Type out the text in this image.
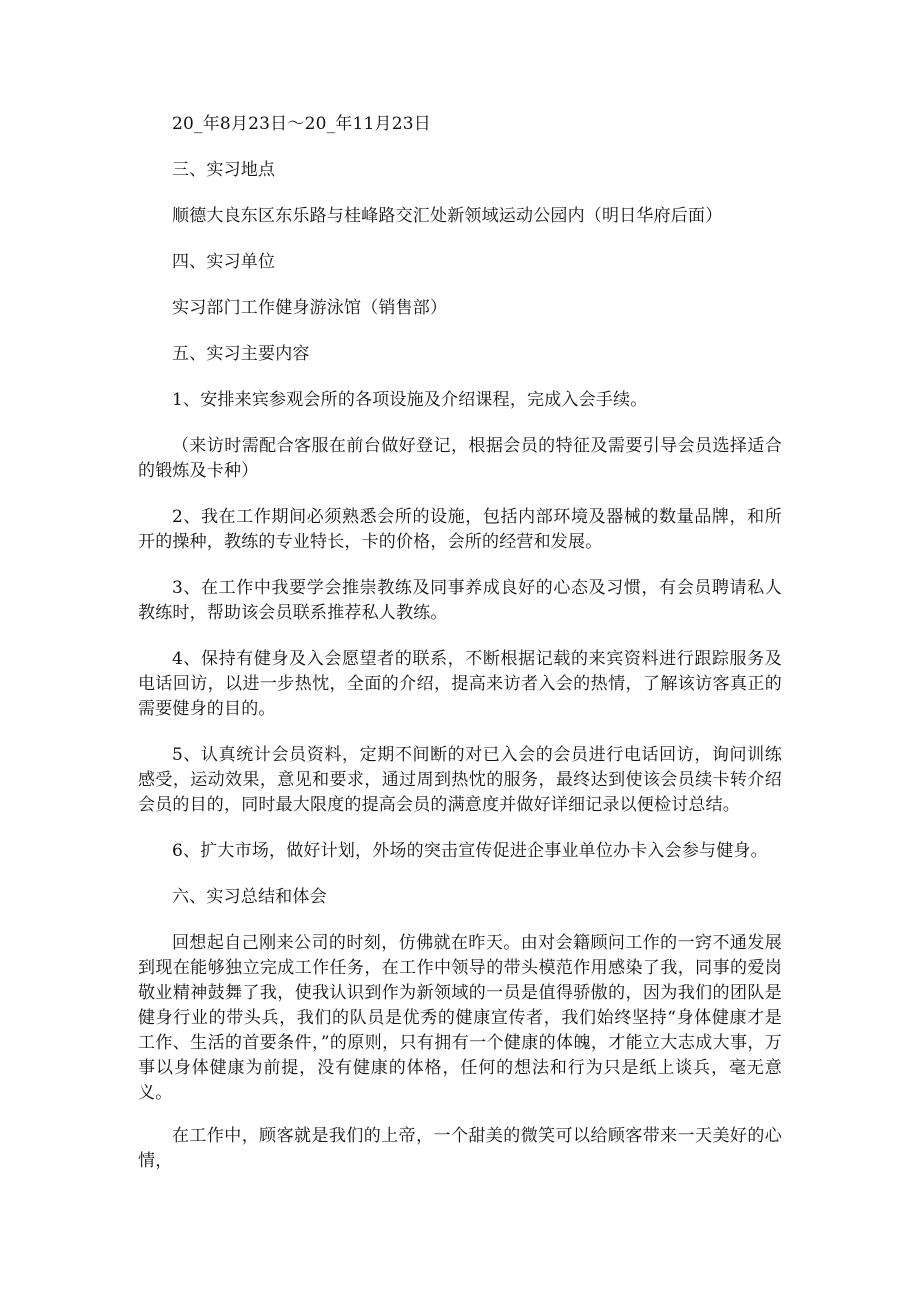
20_年8月23日～20_年11月23日

三、实习地点

顺德大良东区东乐路与桂峰路交汇处新领域运动公园内（明日华府后面）

四、实习单位

实习部门工作健身游泳馆（销售部）

五、实习主要内容

1、安排来宾参观会所的各项设施及介绍课程，完成入会手续。

（来访时需配合客服在前台做好登记，根据会员的特征及需要引导会员选择适合的锻炼及卡种）

2、我在工作期间必须熟悉会所的设施，包括内部环境及器械的数量品牌，和所开的操种，教练的专业特长，卡的价格，会所的经营和发展。

3、在工作中我要学会推崇教练及同事养成良好的心态及习惯，有会员聘请私人教练时，帮助该会员联系推荐私人教练。

4、保持有健身及入会愿望者的联系，不断根据记载的来宾资料进行跟踪服务及电话回访，以进一步热忱，全面的介绍，提高来访者入会的热情，了解该访客真正的需要健身的目的。

5、认真统计会员资料，定期不间断的对已入会的会员进行电话回访，询问训练感受，运动效果，意见和要求，通过周到热忱的服务，最终达到使该会员续卡转介绍会员的目的，同时最大限度的提高会员的满意度并做好详细记录以便检讨总结。

6、扩大市场，做好计划，外场的突击宣传促进企事业单位办卡入会参与健身。

六、实习总结和体会

回想起自己刚来公司的时刻，仿佛就在昨天。由对会籍顾问工作的一窍不通发展到现在能够独立完成工作任务，在工作中领导的带头模范作用感染了我，同事的爱岗敬业精神鼓舞了我，使我认识到作为新领域的一员是值得骄傲的，因为我们的团队是健身行业的带头兵，我们的队员是优秀的健康宣传者，我们始终坚持“身体健康才是工作、生活的首要条件，”的原则，只有拥有一个健康的体魄，才能立大志成大事，万事以身体健康为前提，没有健康的体格，任何的想法和行为只是纸上谈兵，毫无意义。

在工作中，顾客就是我们的上帝，一个甜美的微笑可以给顾客带来一天美好的心情，
